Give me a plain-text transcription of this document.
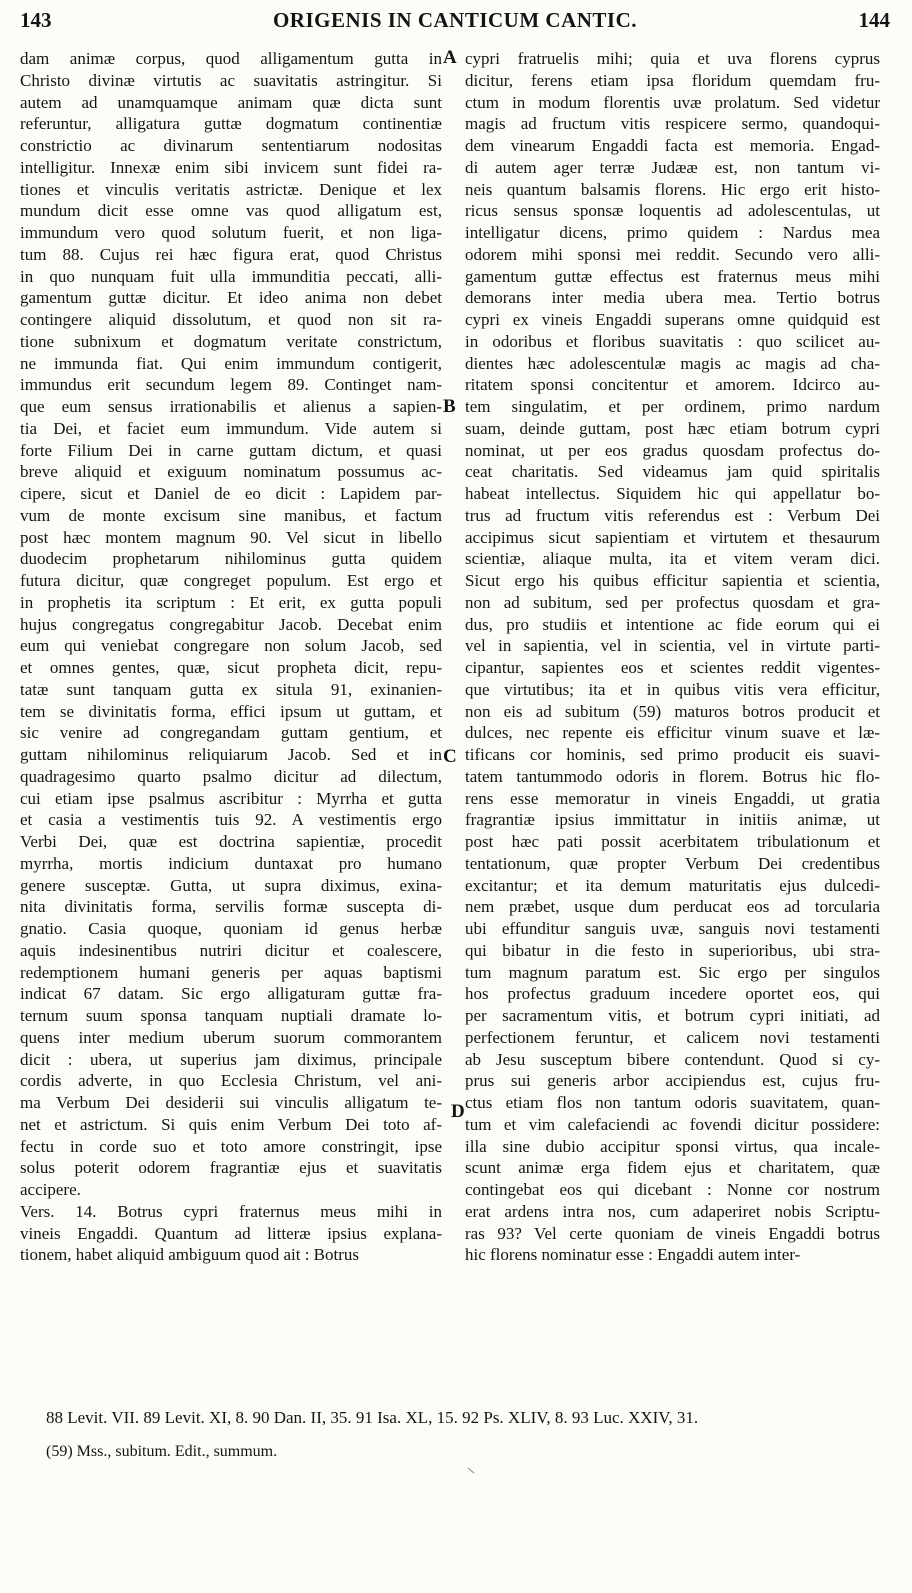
143	ORIGENIS IN CANTICUM CANTIC.	144
dam animæ corpus, quod alligamentum gutta in
Christo divinæ virtutis ac suavitatis astringitur. Si
autem ad unamquamque animam quæ dicta sunt
referuntur, alligatura guttæ dogmatum continentiæ
constrictio ac divinarum sententiarum nodositas
intelligitur. Innexæ enim sibi invicem sunt fidei ra-
tiones et vinculis veritatis astrictæ. Denique et lex
mundum dicit esse omne vas quod alligatum est,
immundum vero quod solutum fuerit, et non liga-
tum 88. Cujus rei hæc figura erat, quod Christus
in quo nunquam fuit ulla immunditia peccati, alli-
gamentum guttæ dicitur. Et ideo anima non debet
contingere aliquid dissolutum, et quod non sit ra-
tione subnixum et dogmatum veritate constrictum,
ne immunda fiat. Qui enim immundum contigerit,
immundus erit secundum legem 89. Continget nam-
que eum sensus irrationabilis et alienus a sapien-
tia Dei, et faciet eum immundum. Vide autem si
forte Filium Dei in carne guttam dictum, et quasi
breve aliquid et exiguum nominatum possumus ac-
cipere, sicut et Daniel de eo dicit : Lapidem par-
vum de monte excisum sine manibus, et factum
post hæc montem magnum 90. Vel sicut in libello
duodecim prophetarum nihilominus gutta quidem
futura dicitur, quæ congreget populum. Est ergo et
in prophetis ita scriptum : Et erit, ex gutta populi
hujus congregatus congregabitur Jacob. Decebat enim
eum qui veniebat congregare non solum Jacob, sed
et omnes gentes, quæ, sicut propheta dicit, repu-
tatæ sunt tanquam gutta ex situla 91, exinanien-
tem se divinitatis forma, effici ipsum ut guttam, et
sic venire ad congregandam guttam gentium, et
guttam nihilominus reliquiarum Jacob. Sed et in
quadragesimo quarto psalmo dicitur ad dilectum,
cui etiam ipse psalmus ascribitur : Myrrha et gutta
et casia a vestimentis tuis 92. A vestimentis ergo
Verbi Dei, quæ est doctrina sapientiæ, procedit
myrrha, mortis indicium duntaxat pro humano
genere susceptæ. Gutta, ut supra diximus, exina-
nita divinitatis forma, servilis formæ suscepta di-
gnatio. Casia quoque, quoniam id genus herbæ
aquis indesinentibus nutriri dicitur et coalescere,
redemptionem humani generis per aquas baptismi
indicat 67 datam. Sic ergo alligaturam guttæ fra-
ternum suum sponsa tanquam nuptiali dramate lo-
quens inter medium uberum suorum commorantem
dicit : ubera, ut superius jam diximus, principale
cordis adverte, in quo Ecclesia Christum, vel ani-
ma Verbum Dei desiderii sui vinculis alligatum te-
net et astrictum. Si quis enim Verbum Dei toto af-
fectu in corde suo et toto amore constringit, ipse
solus poterit odorem fragrantiæ ejus et suavitatis
accipere.
Vers. 14. Botrus cypri fraternus meus mihi in
vineis Engaddi. Quantum ad litteræ ipsius explana-
tionem, habet aliquid ambiguum quod ait : Botrus
cypri fratruelis mihi; quia et uva florens cyprus
dicitur, ferens etiam ipsa floridum quemdam fru-
ctum in modum florentis uvæ prolatum. Sed videtur
magis ad fructum vitis respicere sermo, quandoqui-
dem vinearum Engaddi facta est memoria. Engad-
di autem ager terræ Judææ est, non tantum vi-
neis quantum balsamis florens. Hic ergo erit histo-
ricus sensus sponsæ loquentis ad adolescentulas, ut
intelligatur dicens, primo quidem : Nardus mea
odorem mihi sponsi mei reddit. Secundo vero alli-
gamentum guttæ effectus est fraternus meus mihi
demorans inter media ubera mea. Tertio botrus
cypri ex vineis Engaddi superans omne quidquid est
in odoribus et floribus suavitatis : quo scilicet au-
dientes hæc adolescentulæ magis ac magis ad cha-
ritatem sponsi concitentur et amorem. Idcirco au-
tem singulatim, et per ordinem, primo nardum
suam, deinde guttam, post hæc etiam botrum cypri
nominat, ut per eos gradus quosdam profectus do-
ceat charitatis. Sed videamus jam quid spiritalis
habeat intellectus. Siquidem hic qui appellatur bo-
trus ad fructum vitis referendus est : Verbum Dei
accipimus sicut sapientiam et virtutem et thesaurum
scientiæ, aliaque multa, ita et vitem veram dici.
Sicut ergo his quibus efficitur sapientia et scientia,
non ad subitum, sed per profectus quosdam et gra-
dus, pro studiis et intentione ac fide eorum qui ei
vel in sapientia, vel in scientia, vel in virtute parti-
cipantur, sapientes eos et scientes reddit vigentes-
que virtutibus; ita et in quibus vitis vera efficitur,
non eis ad subitum (59) maturos botros producit et
dulces, nec repente eis efficitur vinum suave et læ-
tificans cor hominis, sed primo producit eis suavi-
tatem tantummodo odoris in florem. Botrus hic flo-
rens esse memoratur in vineis Engaddi, ut gratia
fragrantiæ ipsius immittatur in initiis animæ, ut
post hæc pati possit acerbitatem tribulationum et
tentationum, quæ propter Verbum Dei credentibus
excitantur; et ita demum maturitatis ejus dulcedi-
nem præbet, usque dum perducat eos ad torcularia
ubi effunditur sanguis uvæ, sanguis novi testamenti
qui bibatur in die festo in superioribus, ubi stra-
tum magnum paratum est. Sic ergo per singulos
hos profectus graduum incedere oportet eos, qui
per sacramentum vitis, et botrum cypri initiati, ad
perfectionem feruntur, et calicem novi testamenti
ab Jesu susceptum bibere contendunt. Quod si cy-
prus sui generis arbor accipiendus est, cujus fru-
ctus etiam flos non tantum odoris suavitatem, quan-
tum et vim calefaciendi ac fovendi dicitur possidere:
illa sine dubio accipitur sponsi virtus, qua incale-
scunt animæ erga fidem ejus et charitatem, quæ
contingebat eos qui dicebant : Nonne cor nostrum
erat ardens intra nos, cum adaperiret nobis Scriptu-
ras 93? Vel certe quoniam de vineis Engaddi botrus
hic florens nominatur esse : Engaddi autem inter-
A
B
C
D
88 Levit. VII. 89 Levit. XI, 8. 90 Dan. II, 35. 91 Isa. XL, 15. 92 Ps. XLIV, 8. 93 Luc. XXIV, 31.
(59) Mss., subitum. Edit., summum.
